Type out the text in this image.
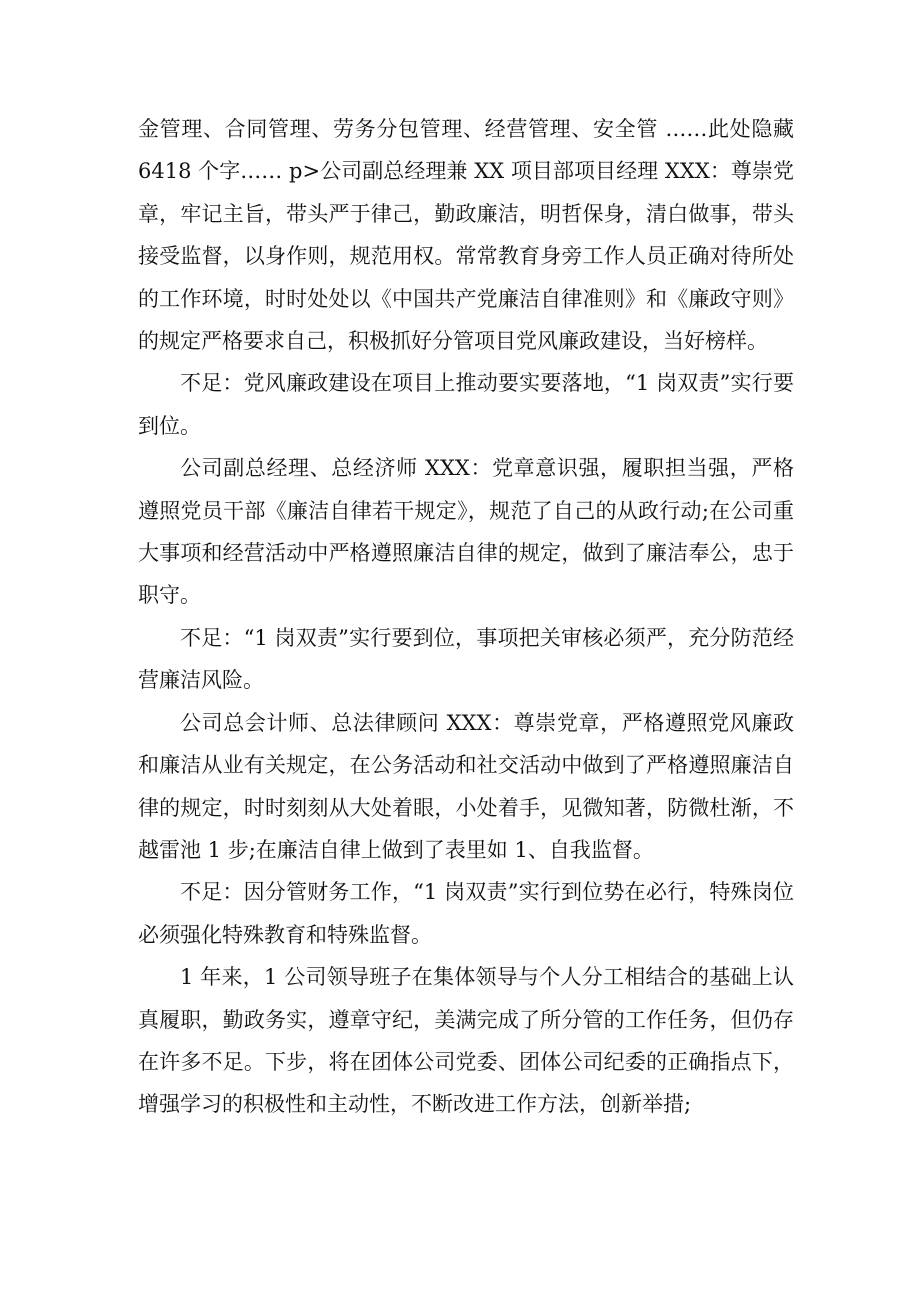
金管理、合同管理、劳务分包管理、经营管理、安全管 ……此处隐藏 6418 个字…… p>公司副总经理兼 XX 项目部项目经理 XXX：尊崇党章，牢记主旨，带头严于律己，勤政廉洁，明哲保身，清白做事，带头接受监督，以身作则，规范用权。常常教育身旁工作人员正确对待所处的工作环境，时时处处以《中国共产党廉洁自律准则》和《廉政守则》的规定严格要求自己，积极抓好分管项目党风廉政建设，当好榜样。

不足：党风廉政建设在项目上推动要实要落地，“1 岗双责”实行要到位。

公司副总经理、总经济师 XXX：党章意识强，履职担当强，严格遵照党员干部《廉洁自律若干规定》，规范了自己的从政行动;在公司重大事项和经营活动中严格遵照廉洁自律的规定，做到了廉洁奉公，忠于职守。

不足：“1 岗双责”实行要到位，事项把关审核必须严，充分防范经营廉洁风险。

公司总会计师、总法律顾问 XXX：尊崇党章，严格遵照党风廉政和廉洁从业有关规定，在公务活动和社交活动中做到了严格遵照廉洁自律的规定，时时刻刻从大处着眼，小处着手，见微知著，防微杜渐，不越雷池 1 步;在廉洁自律上做到了表里如 1、自我监督。

不足：因分管财务工作，“1 岗双责”实行到位势在必行，特殊岗位必须强化特殊教育和特殊监督。

1 年来，1 公司领导班子在集体领导与个人分工相结合的基础上认真履职，勤政务实，遵章守纪，美满完成了所分管的工作任务，但仍存在许多不足。下步，将在团体公司党委、团体公司纪委的正确指点下，增强学习的积极性和主动性，不断改进工作方法，创新举措;
